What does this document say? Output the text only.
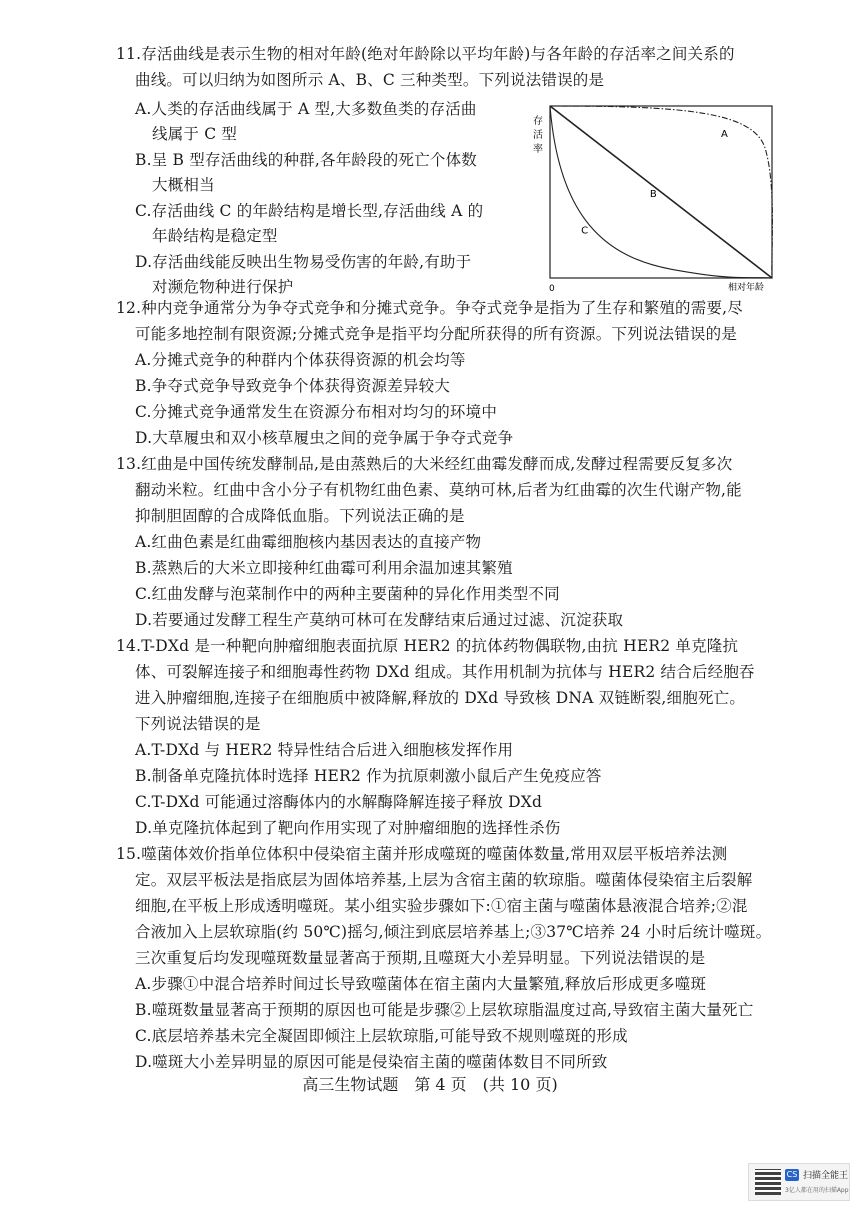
11.存活曲线是表示生物的相对年龄(绝对年龄除以平均年龄)与各年龄的存活率之间关系的
曲线。可以归纳为如图所示 A、B、C 三种类型。下列说法错误的是
A.人类的存活曲线属于 A 型,大多数鱼类的存活曲
线属于 C 型
B.呈 B 型存活曲线的种群,各年龄段的死亡个体数
大概相当
C.存活曲线 C 的年龄结构是增长型,存活曲线 A 的
年龄结构是稳定型
D.存活曲线能反映出生物易受伤害的年龄,有助于
对濒危物种进行保护
存
活
率
0	相对年龄
A
B
C
12.种内竞争通常分为争夺式竞争和分摊式竞争。争夺式竞争是指为了生存和繁殖的需要,尽
可能多地控制有限资源;分摊式竞争是指平均分配所获得的所有资源。下列说法错误的是
A.分摊式竞争的种群内个体获得资源的机会均等
B.争夺式竞争导致竞争个体获得资源差异较大
C.分摊式竞争通常发生在资源分布相对均匀的环境中
D.大草履虫和双小核草履虫之间的竞争属于争夺式竞争
13.红曲是中国传统发酵制品,是由蒸熟后的大米经红曲霉发酵而成,发酵过程需要反复多次
翻动米粒。红曲中含小分子有机物红曲色素、莫纳可林,后者为红曲霉的次生代谢产物,能
抑制胆固醇的合成降低血脂。下列说法正确的是
A.红曲色素是红曲霉细胞核内基因表达的直接产物
B.蒸熟后的大米立即接种红曲霉可利用余温加速其繁殖
C.红曲发酵与泡菜制作中的两种主要菌种的异化作用类型不同
D.若要通过发酵工程生产莫纳可林可在发酵结束后通过过滤、沉淀获取
14.T-DXd 是一种靶向肿瘤细胞表面抗原 HER2 的抗体药物偶联物,由抗 HER2 单克隆抗
体、可裂解连接子和细胞毒性药物 DXd 组成。其作用机制为抗体与 HER2 结合后经胞吞
进入肿瘤细胞,连接子在细胞质中被降解,释放的 DXd 导致核 DNA 双链断裂,细胞死亡。
下列说法错误的是
A.T-DXd 与 HER2 特异性结合后进入细胞核发挥作用
B.制备单克隆抗体时选择 HER2 作为抗原刺激小鼠后产生免疫应答
C.T-DXd 可能通过溶酶体内的水解酶降解连接子释放 DXd
D.单克隆抗体起到了靶向作用实现了对肿瘤细胞的选择性杀伤
15.噬菌体效价指单位体积中侵染宿主菌并形成噬斑的噬菌体数量,常用双层平板培养法测
定。双层平板法是指底层为固体培养基,上层为含宿主菌的软琼脂。噬菌体侵染宿主后裂解
细胞,在平板上形成透明噬斑。某小组实验步骤如下:①宿主菌与噬菌体悬液混合培养;②混
合液加入上层软琼脂(约 50℃)摇匀,倾注到底层培养基上;③37℃培养 24 小时后统计噬斑。
三次重复后均发现噬斑数量显著高于预期,且噬斑大小差异明显。下列说法错误的是
A.步骤①中混合培养时间过长导致噬菌体在宿主菌内大量繁殖,释放后形成更多噬斑
B.噬斑数量显著高于预期的原因也可能是步骤②上层软琼脂温度过高,导致宿主菌大量死亡
C.底层培养基未完全凝固即倾注上层软琼脂,可能导致不规则噬斑的形成
D.噬斑大小差异明显的原因可能是侵染宿主菌的噬菌体数目不同所致
高三生物试题　第 4 页　(共 10 页)
CS 扫描全能王
3亿人都在用的扫描App
